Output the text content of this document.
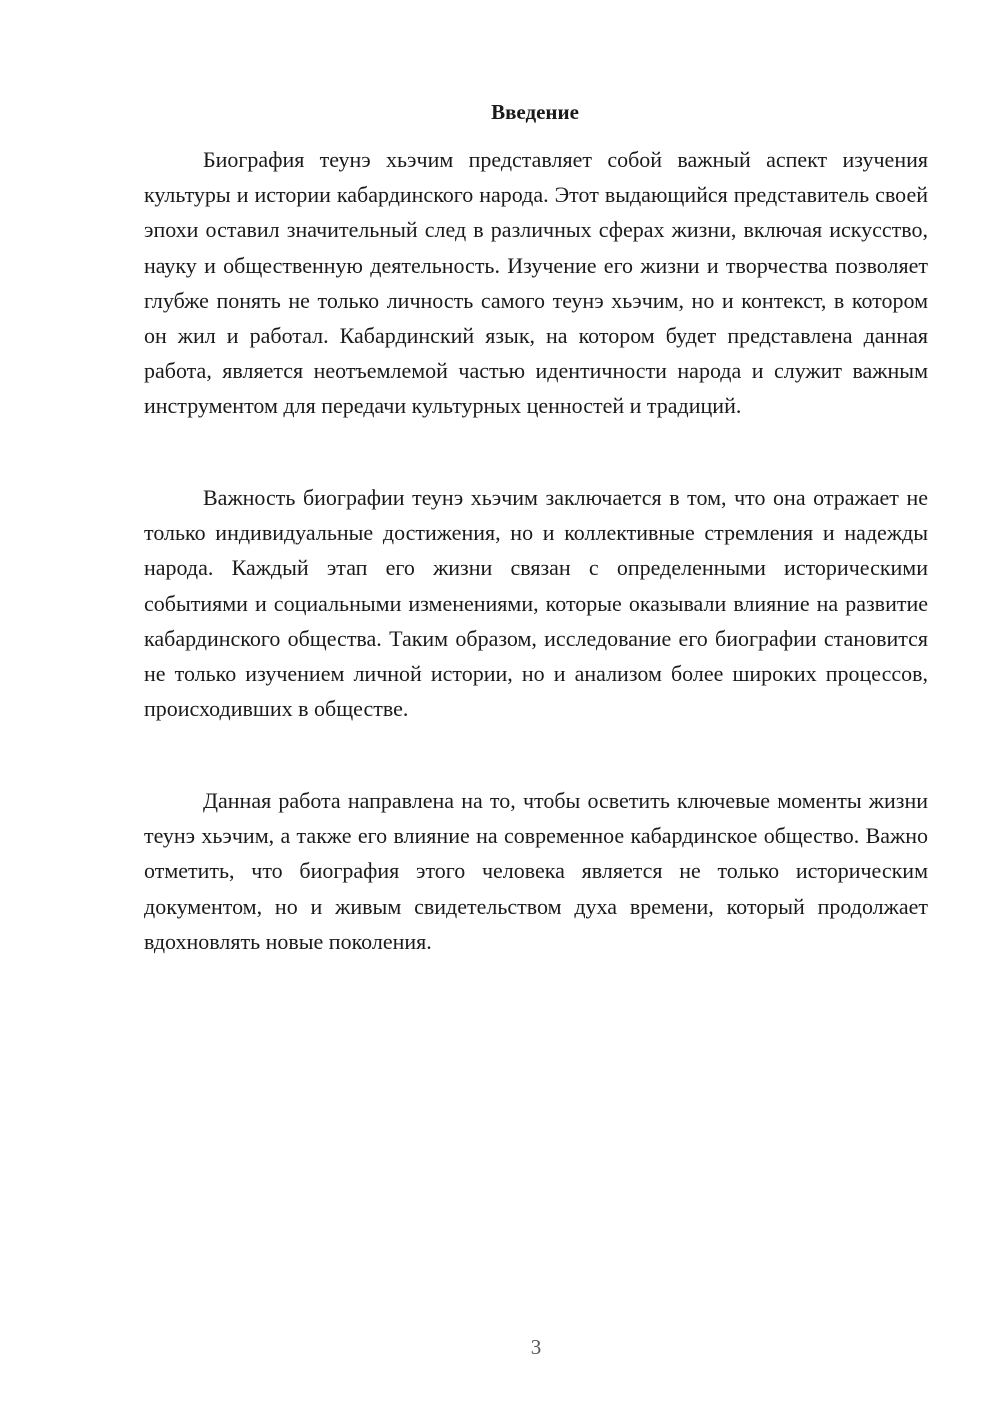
Введение

Биография теунэ хьэчим представляет собой важный аспект изучения культуры и истории кабардинского народа. Этот выдающийся представитель своей эпохи оставил значительный след в различных сферах жизни, включая искусство, науку и общественную деятельность. Изучение его жизни и творчества позволяет глубже понять не только личность самого теунэ хьэчим, но и контекст, в котором он жил и работал. Кабардинский язык, на котором будет представлена данная работа, является неотъемлемой частью идентичности народа и служит важным инструментом для передачи культурных ценностей и традиций.

Важность биографии теунэ хьэчим заключается в том, что она отражает не только индивидуальные достижения, но и коллективные стремления и надежды народа. Каждый этап его жизни связан с определенными историческими событиями и социальными изменениями, которые оказывали влияние на развитие кабардинского общества. Таким образом, исследование его биографии становится не только изучением личной истории, но и анализом более широких процессов, происходивших в обществе.

Данная работа направлена на то, чтобы осветить ключевые моменты жизни теунэ хьэчим, а также его влияние на современное кабардинское общество. Важно отметить, что биография этого человека является не только историческим документом, но и живым свидетельством духа времени, который продолжает вдохновлять новые поколения.

3
